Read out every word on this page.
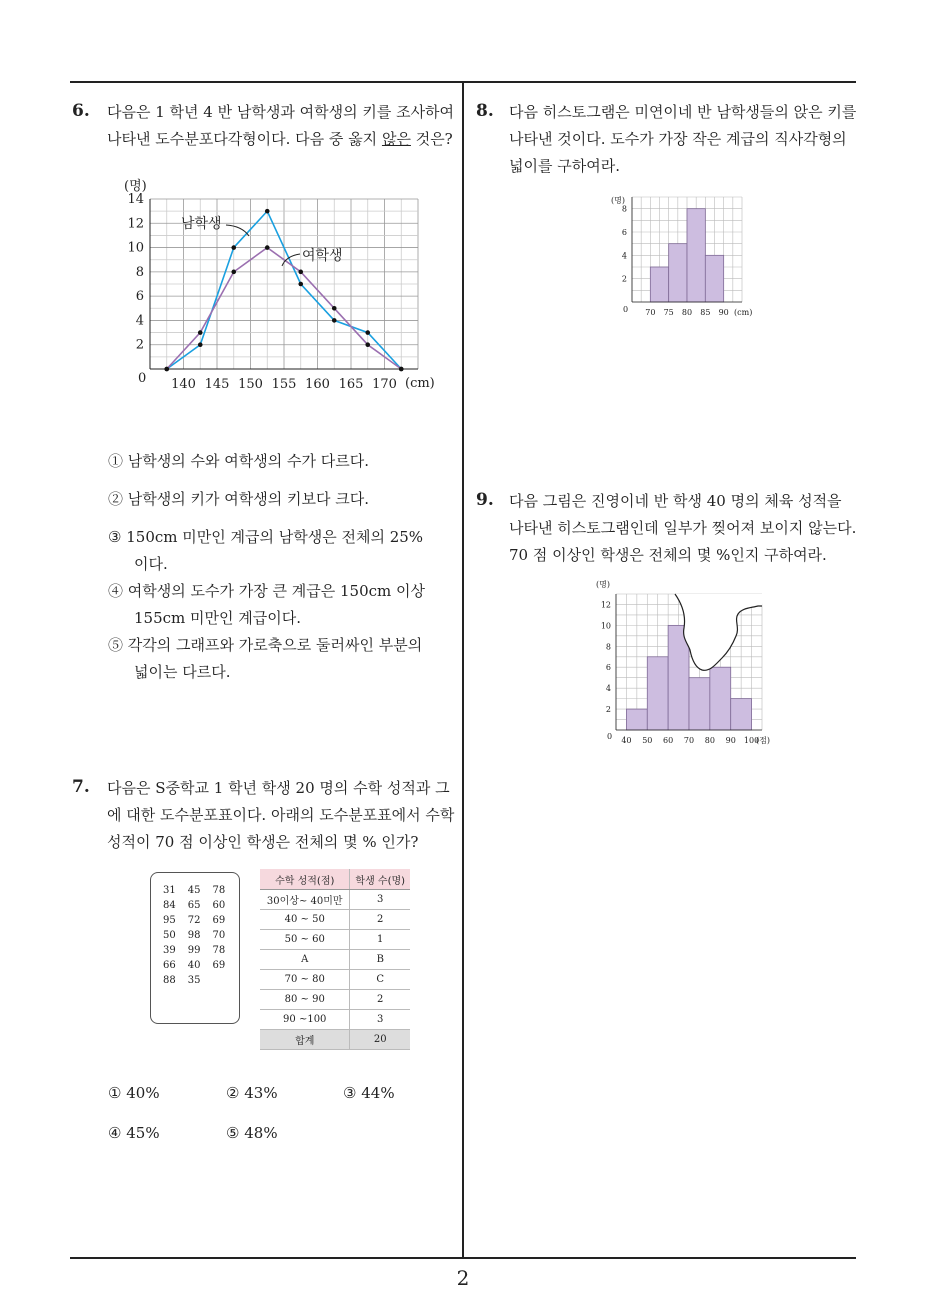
2
6. 다음은 1 학년 4 반 남학생과 여학생의 키를 조사하여
나타낸 도수분포다각형이다. 다음 중 옳지 않은 것은?
(명)
0	(cm)
2
4
6
8
10
12
14
140 145 150 155 160 165 170
남학생
여학생
① 남학생의 수와 여학생의 수가 다르다.
② 남학생의 키가 여학생의 키보다 크다.
③ 150cm 미만인 계급의 남학생은 전체의 25%
이다.
④ 여학생의 도수가 가장 큰 계급은 150cm 이상
155cm 미만인 계급이다.
⑤ 각각의 그래프와 가로축으로 둘러싸인 부분의
넓이는 다르다.
7. 다음은 S중학교 1 학년 학생 20 명의 수학 성적과 그
에 대한 도수분포표이다. 아래의 도수분포표에서 수학
성적이 70 점 이상인 학생은 전체의 몇 % 인가?
31	45	78
84	65	60
95	72	69
50	98	70
39	99	78
66	40	69
88	35	
수학 성적(점)	학생 수(명)
30이상~ 40미만	3
40 ~ 50	2
50 ~ 60	1
A	B
70 ~ 80	C
80 ~ 90	2
90 ~100	3
합계	20
① 40%	② 43%	③ 44%
④ 45%	⑤ 48%
8. 다음 히스토그램은 미연이네 반 남학생들의 앉은 키를
나타낸 것이다. 도수가 가장 작은 계급의 직사각형의
넓이를 구하여라.
2
4
6
8
70 75 80 85 90
(명)
0	(cm)
9. 다음 그림은 진영이네 반 학생 40 명의 체육 성적을
나타낸 히스토그램인데 일부가 찢어져 보이지 않는다.
70 점 이상인 학생은 전체의 몇 %인지 구하여라.
2
4
6
8
10
12
40 50 60 70 80 90 100
(명)
0	(점)
